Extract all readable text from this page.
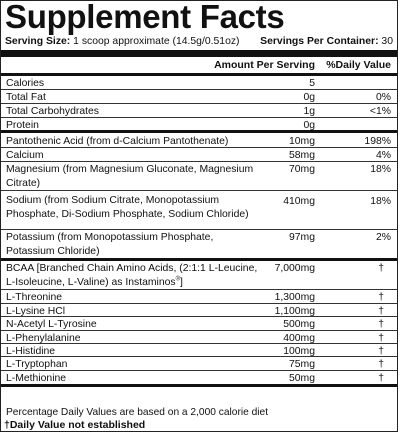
Supplement Facts
Serving Size: 1 scoop approximate (14.5g/0.51oz) Servings Per Container: 30
Amount Per Serving %Daily Value
Calories	5
Total Fat	0g	0%
Total Carbohydrates	1g	<1%
Protein	0g
Pantothenic Acid (from d-Calcium Pantothenate)	10mg	198%
Calcium	58mg	4%
Magnesium (from Magnesium Gluconate, Magnesium Citrate)
70mg	18%
Sodium (from Sodium Citrate, Monopotassium Phosphate, Di-Sodium Phosphate, Sodium Chloride)
410mg	18%
Potassium (from Monopotassium Phosphate, Potassium Chloride)
97mg	2%
BCAA [Branched Chain Amino Acids, (2:1:1 L-Leucine, L-Isoleucine, L-Valine) as Instaminos®]
7,000mg	†
L-Threonine	1,300mg	†
L-Lysine HCl	1,100mg	†
N-Acetyl L-Tyrosine	500mg	†
L-Phenylalanine	400mg	†
L-Histidine	100mg	†
L-Tryptophan	75mg	†
L-Methionine	50mg	†
Percentage Daily Values are based on a 2,000 calorie diet
†Daily Value not established
